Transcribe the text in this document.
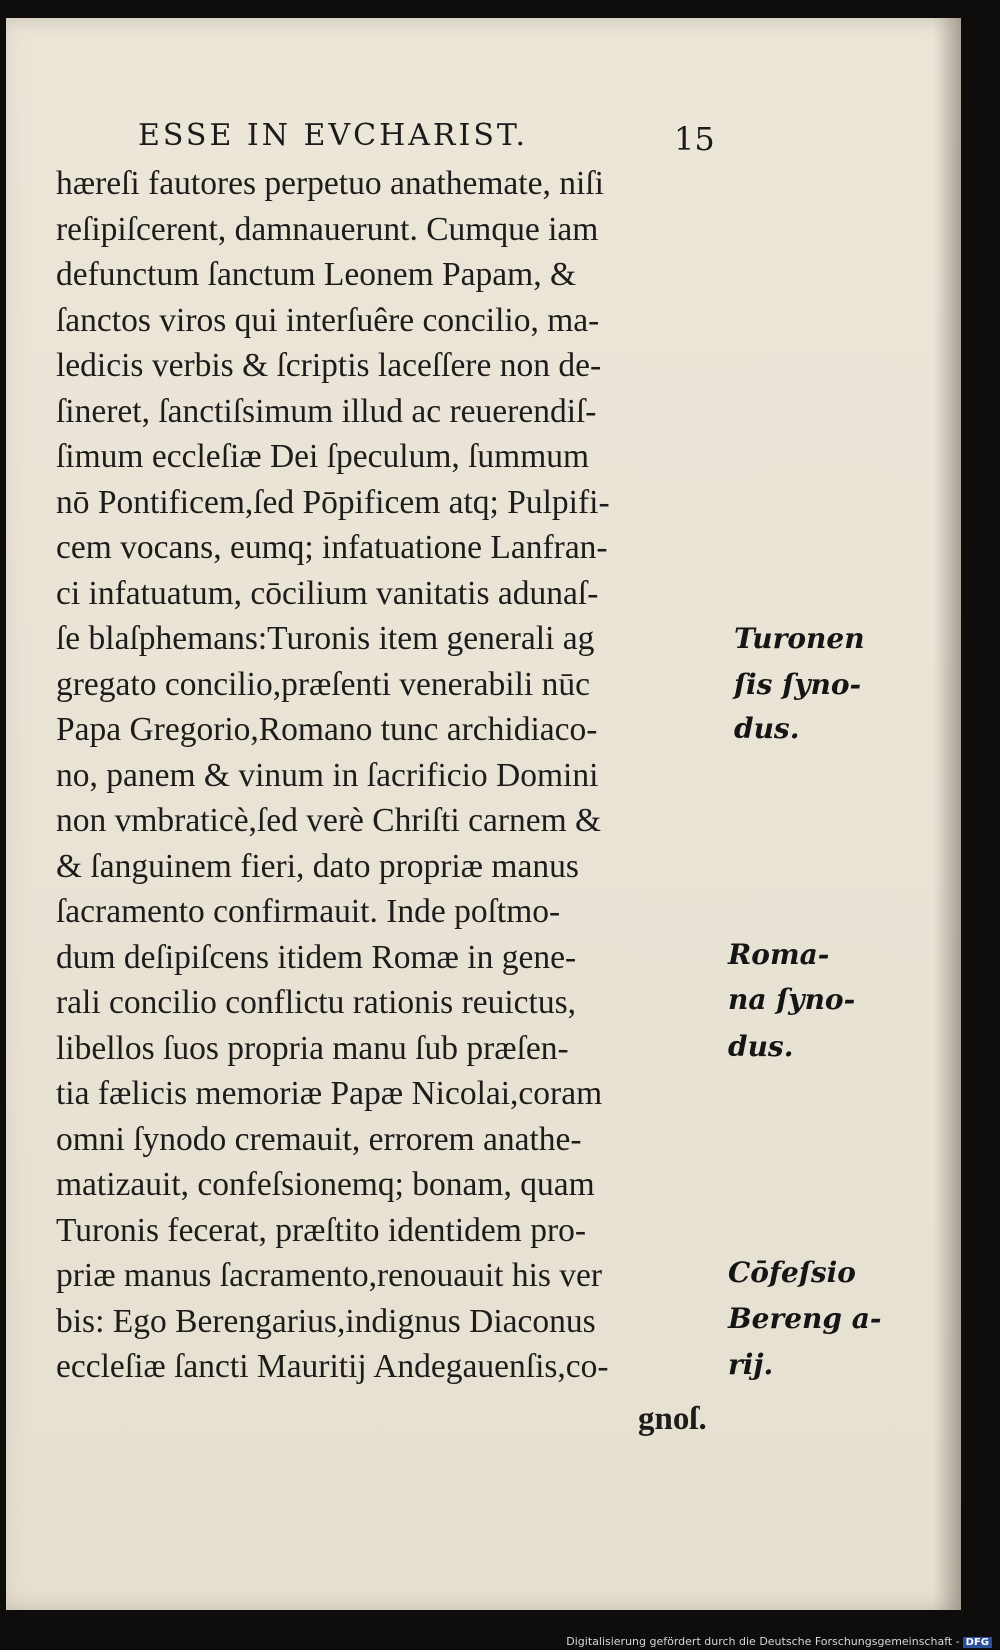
ESSE IN EVCHARIST.	15
hæreſi fautores perpetuo anathemate, niſi
reſipiſcerent, damnauerunt. Cumque iam
defunctum ſanctum Leonem Papam, &
ſanctos viros qui interſuêre concilio, ma-
ledicis verbis & ſcriptis laceſſere non de-
ſineret, ſanctiſsimum illud ac reuerendiſ-
ſimum eccleſiæ Dei ſpeculum, ſummum
nō Pontificem,ſed Pōpificem atq; Pulpifi-
cem vocans, eumq; infatuatione Lanfran-
ci infatuatum, cōcilium vanitatis adunaſ-
ſe blaſphemans:Turonis item generali ag
gregato concilio,præſenti venerabili nūc
Papa Gregorio,Romano tunc archidiaco-
no, panem & vinum in ſacrificio Domini
non vmbraticè,ſed verè Chriſti carnem &
& ſanguinem fieri, dato propriæ manus
ſacramento confirmauit. Inde poſtmo-
dum deſipiſcens itidem Romæ in gene-
rali concilio conflictu rationis reuictus,
libellos ſuos propria manu ſub præſen-
tia fælicis memoriæ Papæ Nicolai,coram
omni ſynodo cremauit, errorem anathe-
matizauit, confeſsionemq; bonam, quam
Turonis fecerat, præſtito identidem pro-
priæ manus ſacramento,renouauit his ver
bis: Ego Berengarius,indignus Diaconus
eccleſiæ ſancti Mauritij Andegauenſis,co-
Turonen
ſis ſyno-
dus.
Roma-
na ſyno-
dus.
Cōfeſsio
Bereng a-
rij.
gnoſ.
Digitalisierung gefördert durch die Deutsche Forschungsgemeinschaft - DFG
